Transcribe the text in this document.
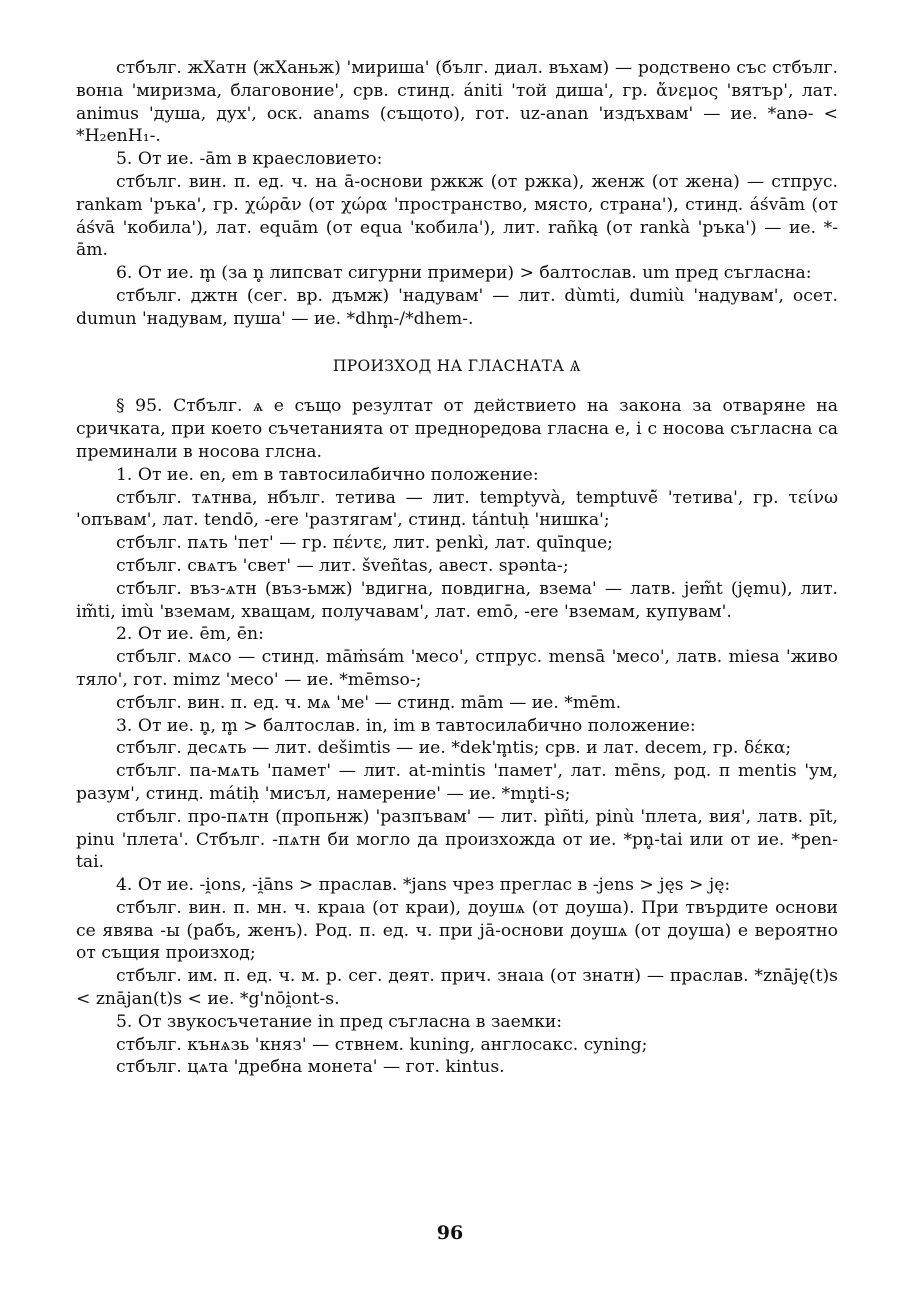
стбълг. жХатн (жХаньж) 'мириша' (бълг. диал. въхам) — родствено със стбълг. вонıа 'миризма, благовоние', срв. стинд. ániti 'той диша', гр. ἄνεμος 'вятър', лат. animus 'душа, дух', оск. anams (същото), гот. uz-anan 'издъхвам' — ие. *anə- < *H₂enH₁-.

5. От ие. -ām в краесловието:

стбълг. вин. п. ед. ч. на ā-основи ржкж (от ржка), женж (от жена) — стпрус. rankam 'ръка', гр. χώρᾱν (от χώρα 'пространство, място, страна'), стинд. áśvām (от áśvā 'кобила'), лат. equām (от equa 'кобила'), лит. rañką (от rankà 'ръка') — ие. *-ām.

6. От ие. m̥ (за n̥ липсват сигурни примери) > балтослав. um пред съгласна:

стбълг. джтн (сег. вр. дъмж) 'надувам' — лит. dùmti, dumiù 'надувам', осет. dumun 'надувам, пуша' — ие. *dhm̥-/*dhem-.

ПРОИЗХОД НА ГЛАСНАТА Ѧ

§ 95. Стбълг. ѧ е също резултат от действието на закона за отваряне на сричката, при което съчетанията от предноредова гласна е, i с носова съгласна са преминали в носова глсна.

1. От ие. en, em в тавтосилабично положение:

стбълг. тѧтнва, нбълг. тетива — лит. temptyvà, temptuvė̃ 'тетива', гр. τείνω 'опъвам', лат. tendō, -ere 'разтягам', стинд. tántuḥ 'нишка';

стбълг. пѧть 'пет' — гр. πέντε, лит. penkì, лат. quīnque;

стбълг. свѧтъ 'свет' — лит. šveñtas, авест. spənta-;

стбълг. въз-ѧтн (въз-ьмж) 'вдигна, повдигна, взема' — латв. jem̃t (jęmu), лит. im̃ti, imù 'вземам, хващам, получавам', лат. emō, -ere 'вземам, купувам'.

2. От ие. ēm, ēn:

стбълг. мѧсо — стинд. māṁsám 'месо', стпрус. mensā 'месо', латв. miesa 'живо тяло', гот. mimz 'месо' — ие. *mēmso-;

стбълг. вин. п. ед. ч. мѧ 'ме' — стинд. mām — ие. *mēm.

3. От ие. n̥, m̥ > балтослав. in, im в тавтосилабично положение:

стбълг. десѧть — лит. dešimtis — ие. *dek'm̥tis; срв. и лат. decem, гр. δέκα;

стбълг. па-мѧть 'памет' — лит. at-mintis 'памет', лат. mēns, род. п mentis 'ум, разум', стинд. mátiḥ 'мисъл, намерение' — ие. *mn̥ti-s;

стбълг. про-пѧтн (пропьнж) 'разпъвам' — лит. pìñti, pinù 'плета, вия', латв. pīt, pinu 'плета'. Стбълг. -пѧтн би могло да произхожда от ие. *pn̥-tai или от ие. *pen-tai.

4. От ие. -i̯ons, -i̯āns > праслав. *jans чрез преглас в -jens > jęs > ję:

стбълг. вин. п. мн. ч. краıа (от краи), доушѧ (от доуша). При твърдите основи се явява -ы (рабъ, женъ). Род. п. ед. ч. при jā-основи доушѧ (от доуша) е вероятно от същия произход;

стбълг. им. п. ед. ч. м. р. сег. деят. прич. знаıа (от знатн) — праслав. *znāję(t)s < znājan(t)s < ие. *g'nōi̯ont-s.

5. От звукосъчетание in пред съгласна в заемки:

стбълг. кънѧзь 'княз' — ствнем. kuning, англосакс. cyning;

стбълг. цѧта 'дребна монета' — гот. kintus.

96
